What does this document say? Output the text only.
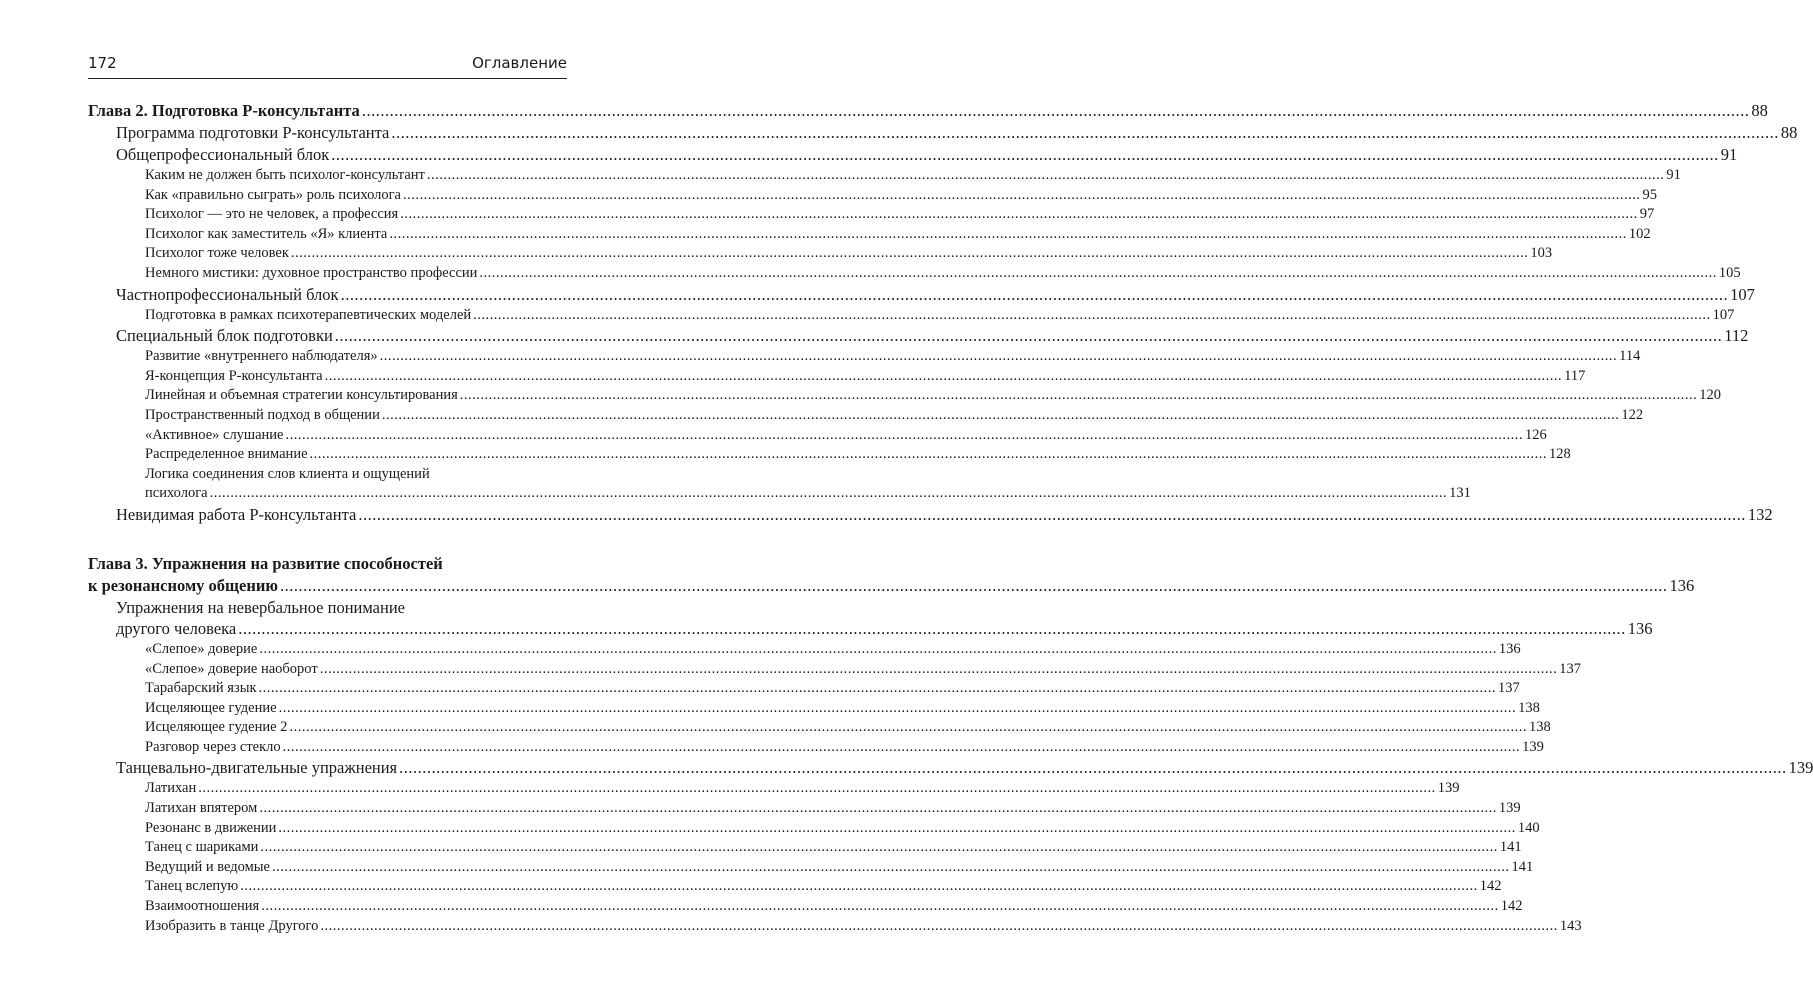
172	Оглавление
Глава 2. Подготовка Р-консультанта ............................................................................................................................................................................................................................................................................................................ 88
Программа подготовки Р-консультанта ............................................................................................................................................................................................................................................................................................................ 88
Общепрофессиональный блок ............................................................................................................................................................................................................................................................................................................ 91
Каким не должен быть психолог-консультант ............................................................................................................................................................................................................................................................................................................ 91
Как «правильно сыграть» роль психолога ............................................................................................................................................................................................................................................................................................................ 95
Психолог — это не человек, а профессия ............................................................................................................................................................................................................................................................................................................ 97
Психолог как заместитель «Я» клиента ............................................................................................................................................................................................................................................................................................................ 102
Психолог тоже человек ............................................................................................................................................................................................................................................................................................................ 103
Немного мистики: духовное пространство профессии ............................................................................................................................................................................................................................................................................................................ 105
Частнопрофессиональный блок ............................................................................................................................................................................................................................................................................................................ 107
Подготовка в рамках психотерапевтических моделей ............................................................................................................................................................................................................................................................................................................ 107
Специальный блок подготовки ............................................................................................................................................................................................................................................................................................................ 112
Развитие «внутреннего наблюдателя» ............................................................................................................................................................................................................................................................................................................ 114
Я-концепция Р-консультанта ............................................................................................................................................................................................................................................................................................................ 117
Линейная и объемная стратегии консультирования ............................................................................................................................................................................................................................................................................................................ 120
Пространственный подход в общении ............................................................................................................................................................................................................................................................................................................ 122
«Активное» слушание ............................................................................................................................................................................................................................................................................................................ 126
Распределенное внимание ............................................................................................................................................................................................................................................................................................................ 128
Логика соединения слов клиента и ощущений
психолога ............................................................................................................................................................................................................................................................................................................ 131
Невидимая работа Р-консультанта ............................................................................................................................................................................................................................................................................................................ 132
Глава 3. Упражнения на развитие способностей
к резонансному общению ............................................................................................................................................................................................................................................................................................................ 136
Упражнения на невербальное понимание
другого человека ............................................................................................................................................................................................................................................................................................................ 136
«Слепое» доверие ............................................................................................................................................................................................................................................................................................................ 136
«Слепое» доверие наоборот ............................................................................................................................................................................................................................................................................................................ 137
Тарабарский язык ............................................................................................................................................................................................................................................................................................................ 137
Исцеляющее гудение ............................................................................................................................................................................................................................................................................................................ 138
Исцеляющее гудение 2 ............................................................................................................................................................................................................................................................................................................ 138
Разговор через стекло ............................................................................................................................................................................................................................................................................................................ 139
Танцевально-двигательные упражнения ............................................................................................................................................................................................................................................................................................................ 139
Латихан ............................................................................................................................................................................................................................................................................................................ 139
Латихан впятером ............................................................................................................................................................................................................................................................................................................ 139
Резонанс в движении ............................................................................................................................................................................................................................................................................................................ 140
Танец с шариками ............................................................................................................................................................................................................................................................................................................ 141
Ведущий и ведомые ............................................................................................................................................................................................................................................................................................................ 141
Танец вслепую ............................................................................................................................................................................................................................................................................................................ 142
Взаимоотношения ............................................................................................................................................................................................................................................................................................................ 142
Изобразить в танце Другого ............................................................................................................................................................................................................................................................................................................ 143
